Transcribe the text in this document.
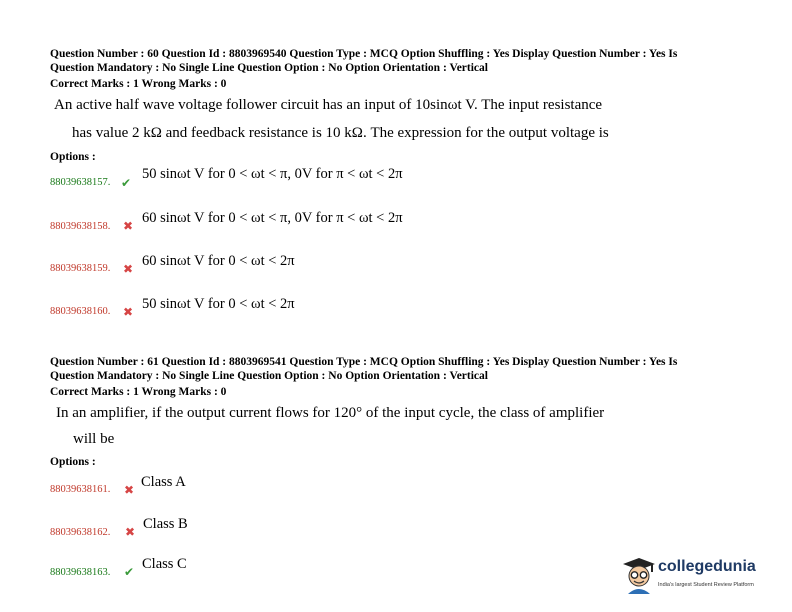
Question Number : 60 Question Id : 8803969540 Question Type : MCQ Option Shuffling : Yes Display Question Number : Yes Is
Question Mandatory : No Single Line Question Option : No Option Orientation : Vertical
Correct Marks : 1 Wrong Marks : 0
An active half wave voltage follower circuit has an input of 10sinωt V. The input resistance
has value 2 kΩ and feedback resistance is 10 kΩ. The expression for the output voltage is
Options :
88039638157. ✔
50 sinωt V for 0 < ωt < π, 0V for π < ωt < 2π
88039638158. ✖ 60 sinωt V for 0 < ωt < π, 0V for π < ωt < 2π
88039638159. ✖ 60 sinωt V for 0 < ωt < 2π
88039638160. ✖ 50 sinωt V for 0 < ωt < 2π
Question Number : 61 Question Id : 8803969541 Question Type : MCQ Option Shuffling : Yes Display Question Number : Yes Is
Question Mandatory : No Single Line Question Option : No Option Orientation : Vertical
Correct Marks : 1 Wrong Marks : 0
In an amplifier, if the output current flows for 120° of the input cycle, the class of amplifier
will be
Options :
88039638161. ✖ Class A
88039638162. ✖ Class B
88039638163. ✔ Class C	collegedunia
India's largest Student Review Platform
